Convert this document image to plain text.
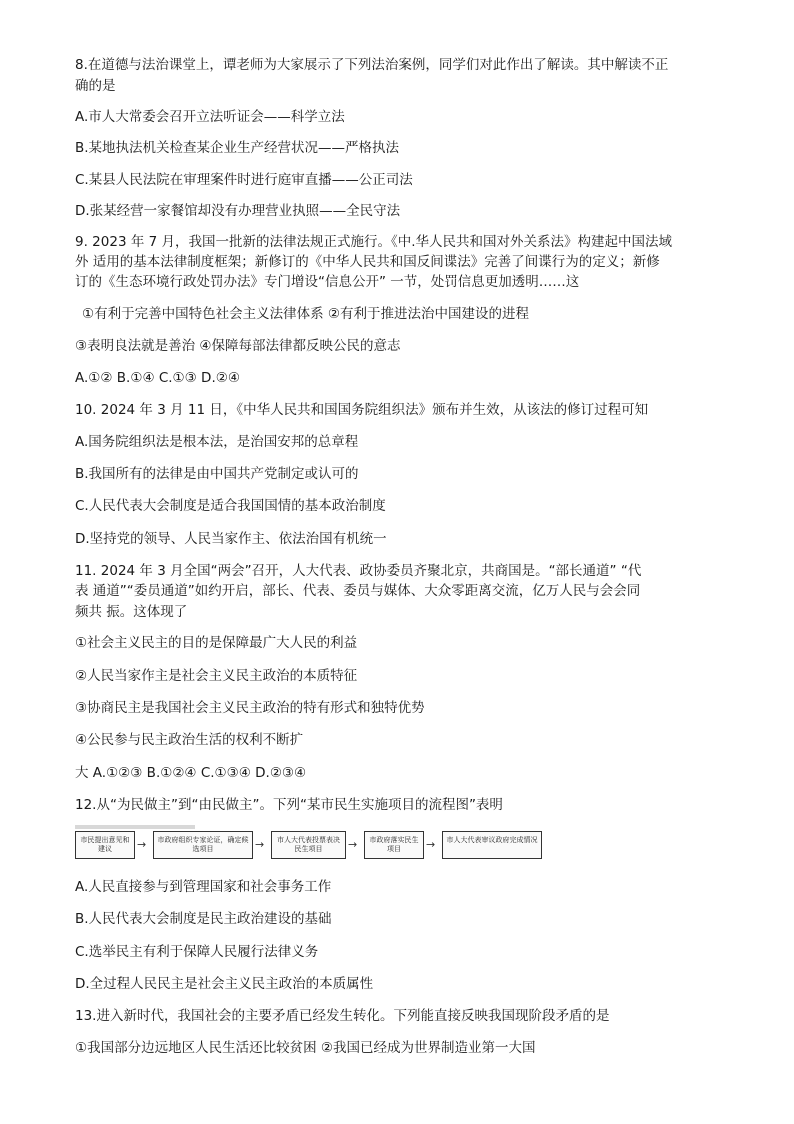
8.在道德与法治课堂上，谭老师为大家展示了下列法治案例，同学们对此作出了解读。其中解读不正
确的是
A.市人大常委会召开立法听证会——科学立法
B.某地执法机关检查某企业生产经营状况——严格执法
C.某县人民法院在审理案件时进行庭审直播——公正司法
D.张某经营一家餐馆却没有办理营业执照——全民守法
9. 2023 年 7 月，我国一批新的法律法规正式施行。《中.华人民共和国对外关系法》构建起中国法域
外 适用的基本法律制度框架；新修订的《中华人民共和国反间谍法》完善了间谍行为的定义；新修
订的《生态环境行政处罚办法》专门增设“信息公开” 一节，处罚信息更加透明……这
①有利于完善中国特色社会主义法律体系 ②有利于推进法治中国建设的进程
③表明良法就是善治 ④保障每部法律都反映公民的意志
A.①② B.①④ C.①③ D.②④
10. 2024 年 3 月 11 日，《中华人民共和国国务院组织法》颁布并生效，从该法的修订过程可知
A.国务院组织法是根本法，是治国安邦的总章程
B.我国所有的法律是由中国共产党制定或认可的
C.人民代表大会制度是适合我国国情的基本政治制度
D.坚持党的领导、人民当家作主、依法治国有机统一
11. 2024 年 3 月全国“两会”召开，人大代表、政协委员齐聚北京，共商国是。“部长通道” “代
表 通道”“委员通道”如约开启，部长、代表、委员与媒体、大众零距离交流，亿万人民与会会同
频共 振。这体现了
①社会主义民主的目的是保障最广大人民的利益
②人民当家作主是社会主义民主政治的本质特征
③协商民主是我国社会主义民主政治的特有形式和独特优势
④公民参与民主政治生活的权利不断扩
大 A.①②③ B.①②④ C.①③④ D.②③④
12.从“为民做主”到“由民做主”。下列“某市民生实施项目的流程图”表明
市民提出意见和建议	→	市政府组织专家论证，确定候选项目	→	市人大代表投票表决民生项目	→	市政府落实民生项目	→	市人大代表审议政府完成情况
A.人民直接参与到管理国家和社会事务工作
B.人民代表大会制度是民主政治建设的基础
C.选举民主有利于保障人民履行法律义务
D.全过程人民民主是社会主义民主政治的本质属性
13.进入新时代，我国社会的主要矛盾已经发生转化。下列能直接反映我国现阶段矛盾的是
①我国部分边远地区人民生活还比较贫困 ②我国已经成为世界制造业第一大国
